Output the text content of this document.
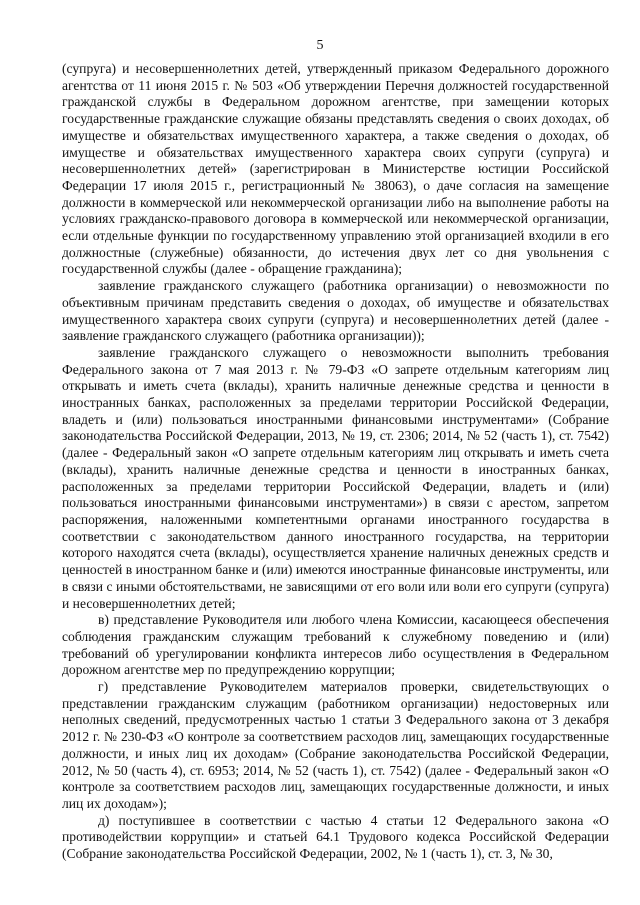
5

(супруга) и несовершеннолетних детей, утвержденный приказом Федерального дорожного агентства от 11 июня 2015 г. № 503 «Об утверждении Перечня должностей государственной гражданской службы в Федеральном дорожном агентстве, при замещении которых государственные гражданские служащие обязаны представлять сведения о своих доходах, об имуществе и обязательствах имущественного характера, а также сведения о доходах, об имуществе и обязательствах имущественного характера своих супруги (супруга) и несовершеннолетних детей» (зарегистрирован в Министерстве юстиции Российской Федерации 17 июля 2015 г., регистрационный № 38063), о даче согласия на замещение должности в коммерческой или некоммерческой организации либо на выполнение работы на условиях гражданско-правового договора в коммерческой или некоммерческой организации, если отдельные функции по государственному управлению этой организацией входили в его должностные (служебные) обязанности, до истечения двух лет со дня увольнения с государственной службы (далее - обращение гражданина);

заявление гражданского служащего (работника организации) о невозможности по объективным причинам представить сведения о доходах, об имуществе и обязательствах имущественного характера своих супруги (супруга) и несовершеннолетних детей (далее - заявление гражданского служащего (работника организации));

заявление гражданского служащего о невозможности выполнить требования Федерального закона от 7 мая 2013 г. № 79-ФЗ «О запрете отдельным категориям лиц открывать и иметь счета (вклады), хранить наличные денежные средства и ценности в иностранных банках, расположенных за пределами территории Российской Федерации, владеть и (или) пользоваться иностранными финансовыми инструментами» (Собрание законодательства Российской Федерации, 2013, № 19, ст. 2306; 2014, № 52 (часть 1), ст. 7542) (далее - Федеральный закон «О запрете отдельным категориям лиц открывать и иметь счета (вклады), хранить наличные денежные средства и ценности в иностранных банках, расположенных за пределами территории Российской Федерации, владеть и (или) пользоваться иностранными финансовыми инструментами») в связи с арестом, запретом распоряжения, наложенными компетентными органами иностранного государства в соответствии с законодательством данного иностранного государства, на территории которого находятся счета (вклады), осуществляется хранение наличных денежных средств и ценностей в иностранном банке и (или) имеются иностранные финансовые инструменты, или в связи с иными обстоятельствами, не зависящими от его воли или воли его супруги (супруга) и несовершеннолетних детей;

в) представление Руководителя или любого члена Комиссии, касающееся обеспечения соблюдения гражданским служащим требований к служебному поведению и (или) требований об урегулировании конфликта интересов либо осуществления в Федеральном дорожном агентстве мер по предупреждению коррупции;

г) представление Руководителем материалов проверки, свидетельствующих о представлении гражданским служащим (работником организации) недостоверных или неполных сведений, предусмотренных частью 1 статьи 3 Федерального закона от 3 декабря 2012 г. № 230-ФЗ «О контроле за соответствием расходов лиц, замещающих государственные должности, и иных лиц их доходам» (Собрание законодательства Российской Федерации, 2012, № 50 (часть 4), ст. 6953; 2014, № 52 (часть 1), ст. 7542) (далее - Федеральный закон «О контроле за соответствием расходов лиц, замещающих государственные должности, и иных лиц их доходам»);

д) поступившее в соответствии с частью 4 статьи 12 Федерального закона «О противодействии коррупции» и статьей 64.1 Трудового кодекса Российской Федерации (Собрание законодательства Российской Федерации, 2002, № 1 (часть 1), ст. 3, № 30,
